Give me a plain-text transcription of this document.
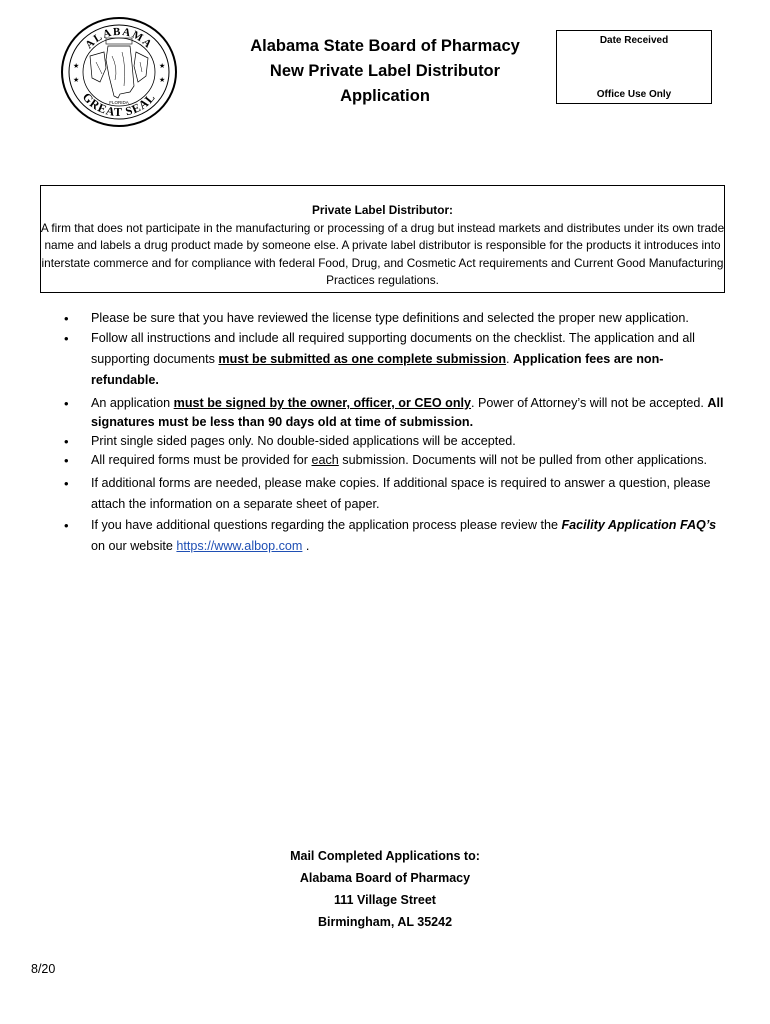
ALABAMA
GREAT SEAL
★
★
★
★
FLORIDA
Alabama State Board of Pharmacy
New Private Label Distributor
Application
Date Received
Office Use Only
Private Label Distributor:
A firm that does not participate in the manufacturing or processing of a drug but instead markets and distributes under its own trade name and labels a drug product made by someone else. A private label distributor is responsible for the products it introduces into interstate commerce and for compliance with federal Food, Drug, and Cosmetic Act requirements and Current Good Manufacturing Practices regulations.
• Please be sure that you have reviewed the license type definitions and selected the proper new application.
• Follow all instructions and include all required supporting documents on the checklist. The application and all supporting documents must be submitted as one complete submission. Application fees are non-refundable.
• An application must be signed by the owner, officer, or CEO only. Power of Attorney’s will not be accepted. All signatures must be less than 90 days old at time of submission.
• Print single sided pages only. No double-sided applications will be accepted.
• All required forms must be provided for each submission. Documents will not be pulled from other applications.
• If additional forms are needed, please make copies. If additional space is required to answer a question, please attach the information on a separate sheet of paper.
• If you have additional questions regarding the application process please review the Facility Application FAQ’s on our website https://www.albop.com .
Mail Completed Applications to:
Alabama Board of Pharmacy
111 Village Street
Birmingham, AL 35242
8/20
